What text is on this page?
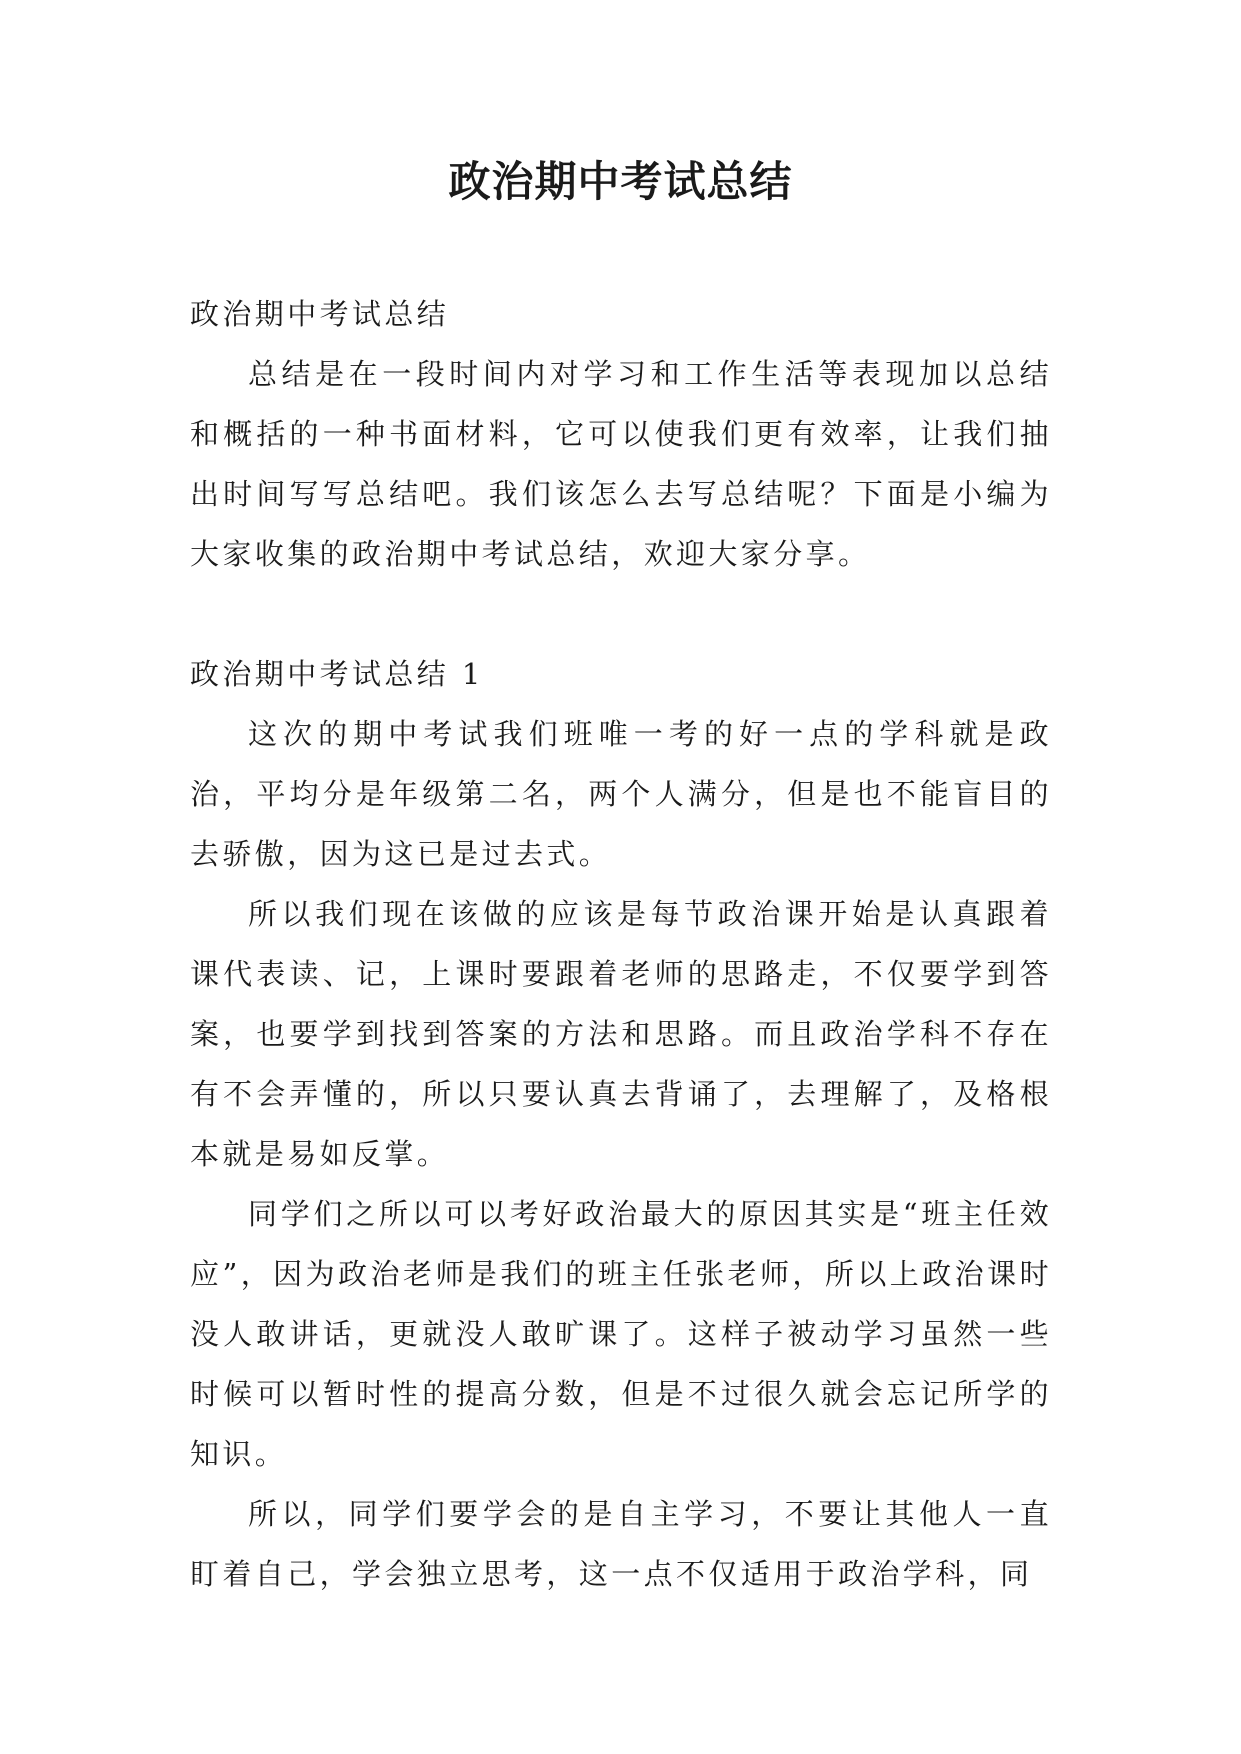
政治期中考试总结
政治期中考试总结

总结是在一段时间内对学习和工作生活等表现加以总结和概括的一种书面材料，它可以使我们更有效率，让我们抽出时间写写总结吧。我们该怎么去写总结呢？下面是小编为大家收集的政治期中考试总结，欢迎大家分享。

政治期中考试总结 1

这次的期中考试我们班唯一考的好一点的学科就是政治，平均分是年级第二名，两个人满分，但是也不能盲目的去骄傲，因为这已是过去式。

所以我们现在该做的应该是每节政治课开始是认真跟着课代表读、记，上课时要跟着老师的思路走，不仅要学到答案，也要学到找到答案的方法和思路。而且政治学科不存在有不会弄懂的，所以只要认真去背诵了，去理解了，及格根本就是易如反掌。

同学们之所以可以考好政治最大的原因其实是“班主任效应”，因为政治老师是我们的班主任张老师，所以上政治课时没人敢讲话，更就没人敢旷课了。这样子被动学习虽然一些时候可以暂时性的提高分数，但是不过很久就会忘记所学的知识。

所以，同学们要学会的是自主学习，不要让其他人一直盯着自己，学会独立思考，这一点不仅适用于政治学科，同
